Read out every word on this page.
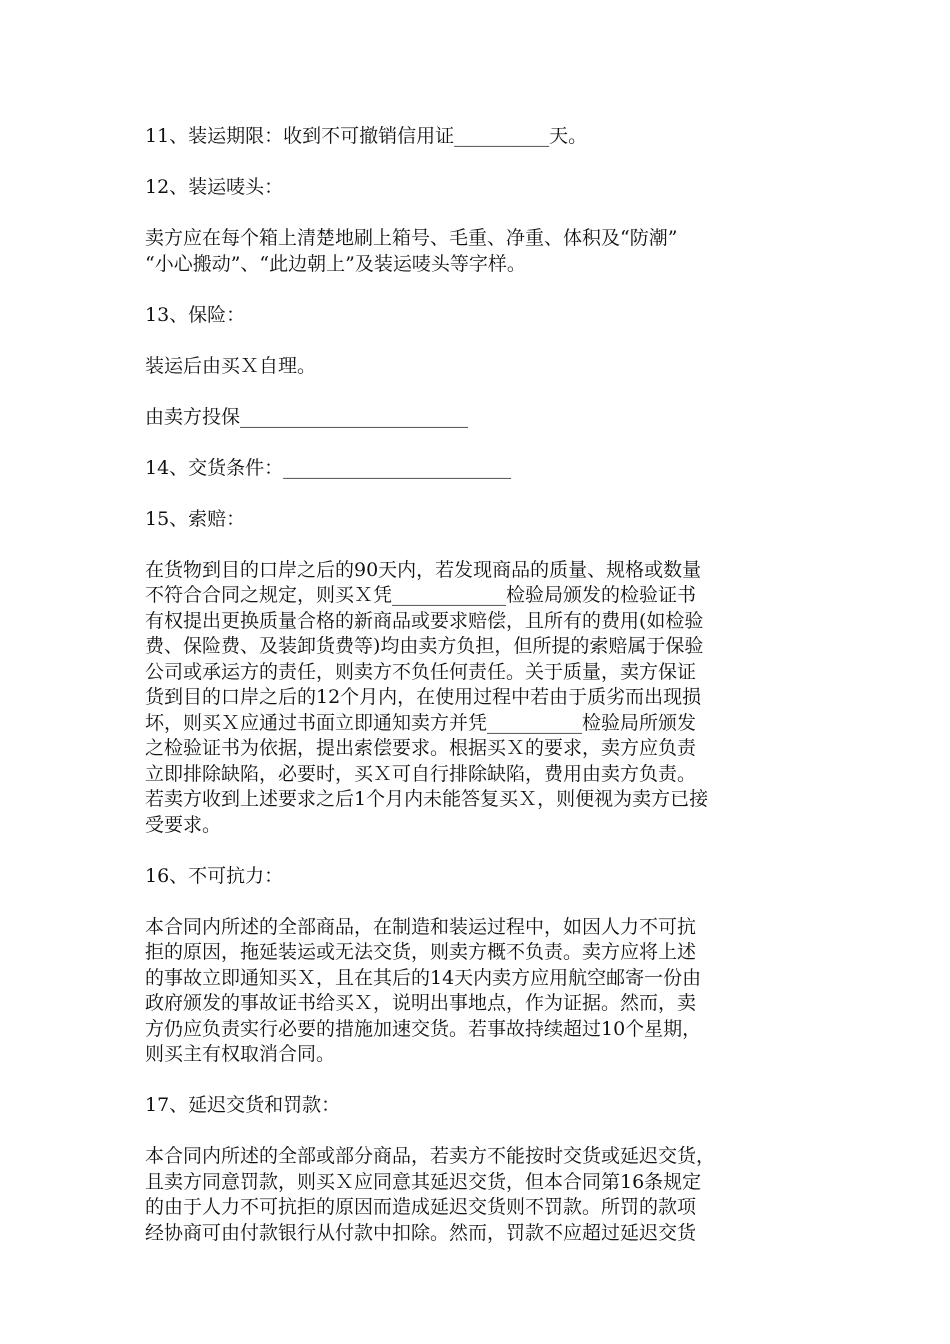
11、装运期限：收到不可撤销信用证__________天。

12、装运唛头：

卖方应在每个箱上清楚地刷上箱号、毛重、净重、体积及“防潮”
“小心搬动”、“此边朝上”及装运唛头等字样。

13、保险：

装运后由买Ｘ自理。

由卖方投保________________________

14、交货条件：________________________

15、索赔：

在货物到目的口岸之后的90天内，若发现商品的质量、规格或数量
不符合合同之规定，则买Ｘ凭____________检验局颁发的检验证书
有权提出更换质量合格的新商品或要求赔偿，且所有的费用(如检验
费、保险费、及装卸货费等)均由卖方负担，但所提的索赔属于保验
公司或承运方的责任，则卖方不负任何责任。关于质量，卖方保证
货到目的口岸之后的12个月内，在使用过程中若由于质劣而出现损
坏，则买Ｘ应通过书面立即通知卖方并凭__________检验局所颁发
之检验证书为依据，提出索偿要求。根据买Ｘ的要求，卖方应负责
立即排除缺陷，必要时，买Ｘ可自行排除缺陷，费用由卖方负责。
若卖方收到上述要求之后1个月内未能答复买Ｘ，则便视为卖方已接
受要求。

16、不可抗力：

本合同内所述的全部商品，在制造和装运过程中，如因人力不可抗
拒的原因，拖延装运或无法交货，则卖方概不负责。卖方应将上述
的事故立即通知买Ｘ，且在其后的14天内卖方应用航空邮寄一份由
政府颁发的事故证书给买Ｘ，说明出事地点，作为证据。然而，卖
方仍应负责实行必要的措施加速交货。若事故持续超过10个星期，
则买主有权取消合同。

17、延迟交货和罚款：

本合同内所述的全部或部分商品，若卖方不能按时交货或延迟交货，
且卖方同意罚款，则买Ｘ应同意其延迟交货，但本合同第16条规定
的由于人力不可抗拒的原因而造成延迟交货则不罚款。所罚的款项
经协商可由付款银行从付款中扣除。然而，罚款不应超过延迟交货
